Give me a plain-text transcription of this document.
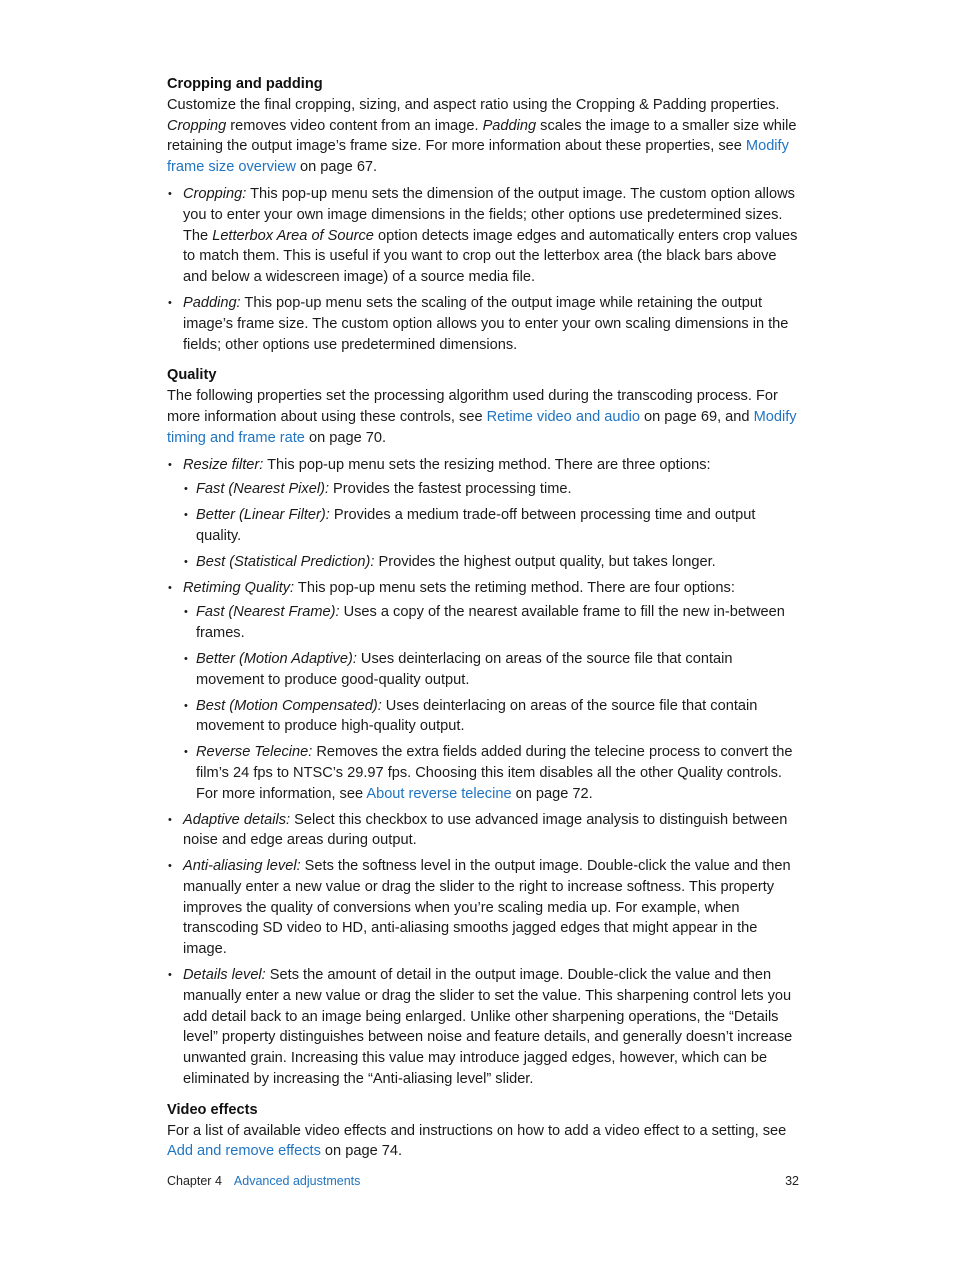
Cropping and padding

Customize the final cropping, sizing, and aspect ratio using the Cropping & Padding properties. Cropping removes video content from an image. Padding scales the image to a smaller size while retaining the output image’s frame size. For more information about these properties, see Modify frame size overview on page 67.

• Cropping: This pop-up menu sets the dimension of the output image. The custom option allows you to enter your own image dimensions in the fields; other options use predetermined sizes. The Letterbox Area of Source option detects image edges and automatically enters crop values to match them. This is useful if you want to crop out the letterbox area (the black bars above and below a widescreen image) of a source media file.
• Padding: This pop-up menu sets the scaling of the output image while retaining the output image’s frame size. The custom option allows you to enter your own scaling dimensions in the fields; other options use predetermined dimensions.
Quality

The following properties set the processing algorithm used during the transcoding process. For more information about using these controls, see Retime video and audio on page 69, and Modify timing and frame rate on page 70.

• Resize filter: This pop-up menu sets the resizing method. There are three options:
• Fast (Nearest Pixel): Provides the fastest processing time.
• Better (Linear Filter): Provides a medium trade-off between processing time and output quality.
• Best (Statistical Prediction): Provides the highest output quality, but takes longer.
• Retiming Quality: This pop-up menu sets the retiming method. There are four options:
• Fast (Nearest Frame): Uses a copy of the nearest available frame to fill the new in-between frames.
• Better (Motion Adaptive): Uses deinterlacing on areas of the source file that contain movement to produce good-quality output.
• Best (Motion Compensated): Uses deinterlacing on areas of the source file that contain movement to produce high-quality output.
• Reverse Telecine: Removes the extra fields added during the telecine process to convert the film’s 24 fps to NTSC’s 29.97 fps. Choosing this item disables all the other Quality controls. For more information, see About reverse telecine on page 72.
• Adaptive details: Select this checkbox to use advanced image analysis to distinguish between noise and edge areas during output.
• Anti-aliasing level: Sets the softness level in the output image. Double-click the value and then manually enter a new value or drag the slider to the right to increase softness. This property improves the quality of conversions when you’re scaling media up. For example, when transcoding SD video to HD, anti-aliasing smooths jagged edges that might appear in the image.
• Details level: Sets the amount of detail in the output image. Double-click the value and then manually enter a new value or drag the slider to set the value. This sharpening control lets you add detail back to an image being enlarged. Unlike other sharpening operations, the “Details level” property distinguishes between noise and feature details, and generally doesn’t increase unwanted grain. Increasing this value may introduce jagged edges, however, which can be eliminated by increasing the “Anti-aliasing level” slider.
Video effects

For a list of available video effects and instructions on how to add a video effect to a setting, see Add and remove effects on page 74.

Chapter 4 Advanced adjustments	32
